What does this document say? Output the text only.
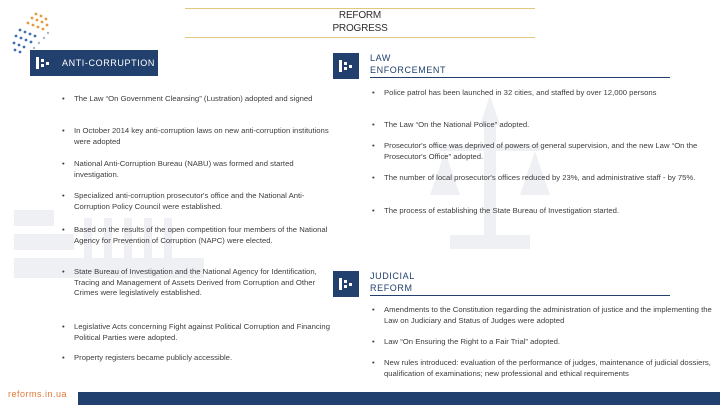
REFORM
PROGRESS
ANTI-CORRUPTION
• The Law “On Government Cleansing” (Lustration) adopted and signed
• In October 2014 key anti-corruption laws on new anti-corruption institutions were adopted
• National Anti-Corruption Bureau (NABU) was formed and started investigation.
• Specialized anti-corruption prosecutor's office and the National Anti-Corruption Policy Council were established.
• Based on the results of the open competition four members of the National Agency for Prevention of Corruption (NAPC) were elected.
• State Bureau of Investigation and the National Agency for Identification, Tracing and Management of Assets Derived from Corruption and Other Crimes were legislatively established.
• Legislative Acts concerning Fight against Political Corruption and Financing Political Parties were adopted.
• Property registers became publicly accessible.
LAW
ENFORCEMENT
• Police patrol has been launched in 32 cities, and staffed by over 12,000 persons
• The Law “On the National Police” adopted.
• Prosecutor's office was deprived of powers of general supervision, and the new Law “On the Prosecutor's Office” adopted.
• The number of local prosecutor's offices reduced by 23%, and administrative staff - by 75%.
• The process of establishing the State Bureau of Investigation started.
JUDICIAL
REFORM
• Amendments to the Constitution regarding the administration of justice and the implementing the Law on Judiciary and Status of Judges were adopted
• Law “On Ensuring the Right to a Fair Trial” adopted.
• New rules introduced: evaluation of the performance of judges, maintenance of judicial dossiers, qualification of examinations; new professional and ethical requirements
reforms.in.ua
